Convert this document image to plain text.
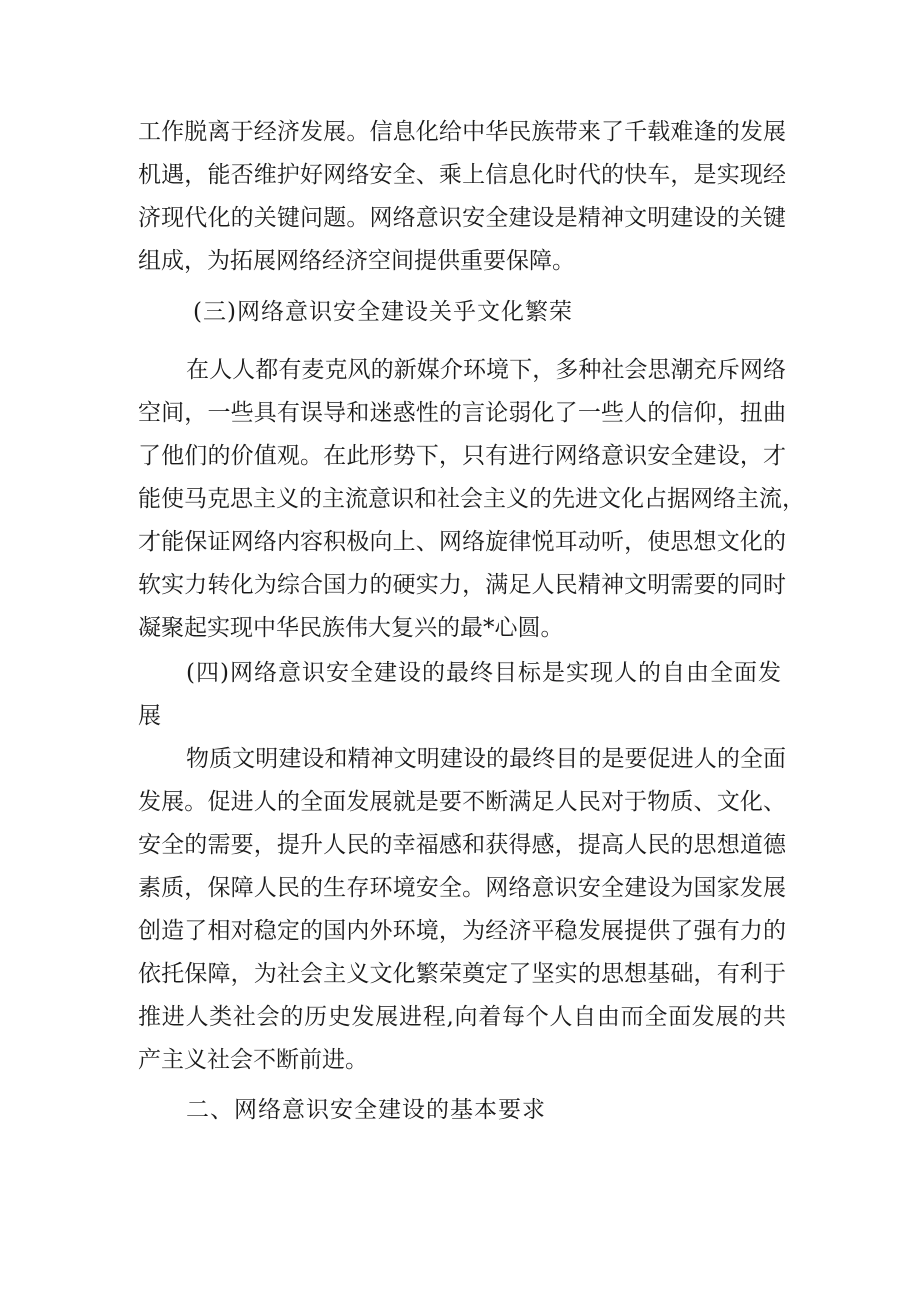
工作脱离于经济发展。信息化给中华民族带来了千载难逢的发展
机遇，能否维护好网络安全、乘上信息化时代的快车，是实现经
济现代化的关键问题。网络意识安全建设是精神文明建设的关键
组成，为拓展网络经济空间提供重要保障。
(三)网络意识安全建设关乎文化繁荣
在人人都有麦克风的新媒介环境下，多种社会思潮充斥网络
空间，一些具有误导和迷惑性的言论弱化了一些人的信仰，扭曲
了他们的价值观。在此形势下，只有进行网络意识安全建设，才
能使马克思主义的主流意识和社会主义的先进文化占据网络主流，
才能保证网络内容积极向上、网络旋律悦耳动听，使思想文化的
软实力转化为综合国力的硬实力，满足人民精神文明需要的同时
凝聚起实现中华民族伟大复兴的最*心圆。
(四)网络意识安全建设的最终目标是实现人的自由全面发
展
物质文明建设和精神文明建设的最终目的是要促进人的全面
发展。促进人的全面发展就是要不断满足人民对于物质、文化、
安全的需要，提升人民的幸福感和获得感，提高人民的思想道德
素质，保障人民的生存环境安全。网络意识安全建设为国家发展
创造了相对稳定的国内外环境，为经济平稳发展提供了强有力的
依托保障，为社会主义文化繁荣奠定了坚实的思想基础，有利于
推进人类社会的历史发展进程,向着每个人自由而全面发展的共
产主义社会不断前进。
二、网络意识安全建设的基本要求
